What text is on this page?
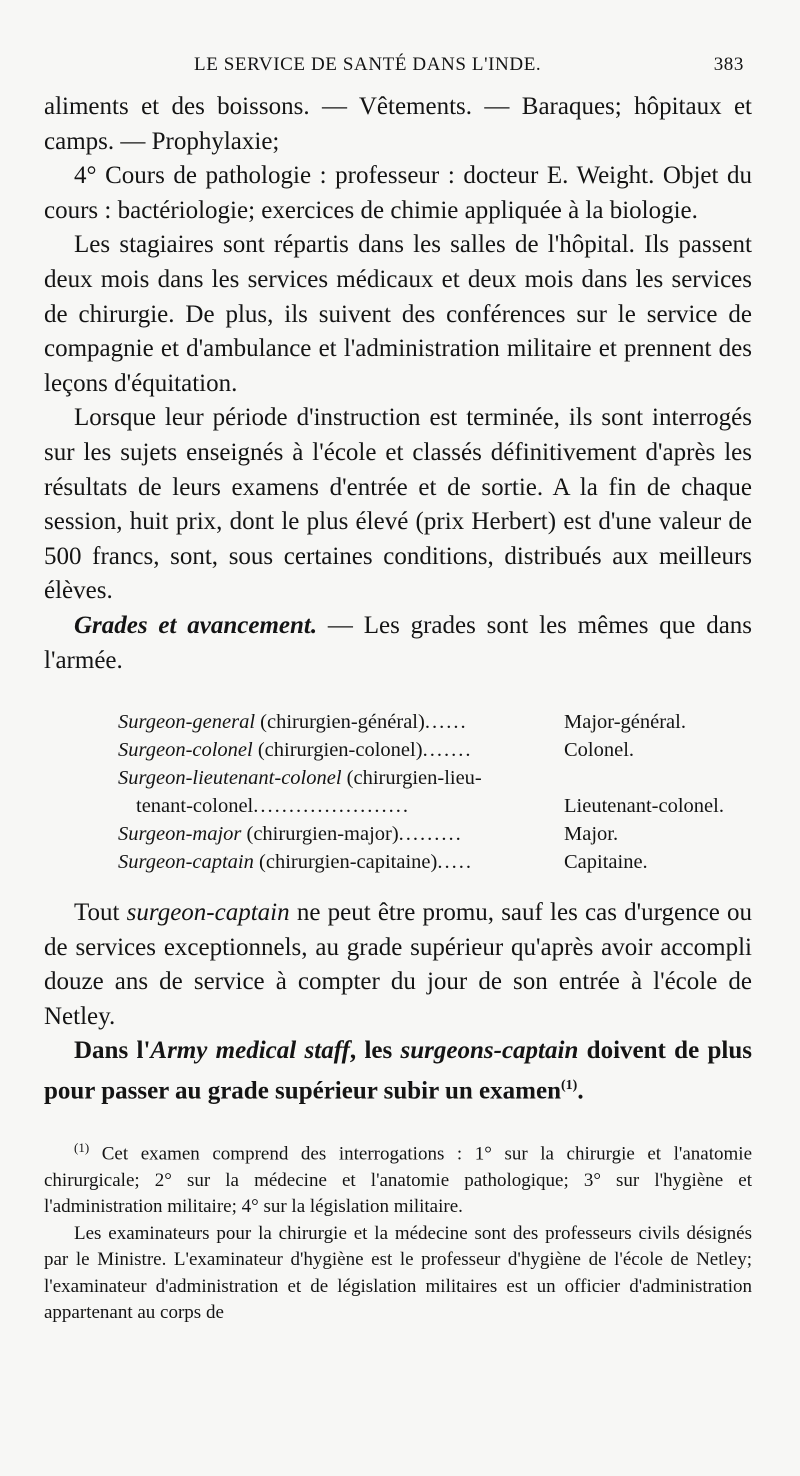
LE SERVICE DE SANTÉ DANS L'INDE.	383

aliments et des boissons. — Vêtements. — Baraques; hôpitaux et camps. — Prophylaxie;

4° Cours de pathologie : professeur : docteur E. Weight. Objet du cours : bactériologie; exercices de chimie appliquée à la biologie.

Les stagiaires sont répartis dans les salles de l'hôpital. Ils passent deux mois dans les services médicaux et deux mois dans les services de chirurgie. De plus, ils suivent des conférences sur le service de compagnie et d'ambulance et l'administration militaire et prennent des leçons d'équitation.

Lorsque leur période d'instruction est terminée, ils sont interrogés sur les sujets enseignés à l'école et classés définitivement d'après les résultats de leurs examens d'entrée et de sortie. A la fin de chaque session, huit prix, dont le plus élevé (prix Herbert) est d'une valeur de 500 francs, sont, sous certaines conditions, distribués aux meilleurs élèves.

Grades et avancement. — Les grades sont les mêmes que dans l'armée.

Surgeon-general (chirurgien-général)......	Major-général.
Surgeon-colonel (chirurgien-colonel).......	Colonel.
Surgeon-lieutenant-colonel (chirurgien-lieu-
tenant-colonel......................	Lieutenant-colonel.
Surgeon-major (chirurgien-major).........	Major.
Surgeon-captain (chirurgien-capitaine).....	Capitaine.

Tout surgeon-captain ne peut être promu, sauf les cas d'urgence ou de services exceptionnels, au grade supérieur qu'après avoir accompli douze ans de service à compter du jour de son entrée à l'école de Netley.

Dans l'Army medical staff, les surgeons-captain doivent de plus pour passer au grade supérieur subir un examen$^{(1)}$.

$^{(1)}$ Cet examen comprend des interrogations : 1° sur la chirurgie et l'anatomie chirurgicale; 2° sur la médecine et l'anatomie pathologique; 3° sur l'hygiène et l'administration militaire; 4° sur la législation militaire.

Les examinateurs pour la chirurgie et la médecine sont des professeurs civils désignés par le Ministre. L'examinateur d'hygiène est le professeur d'hygiène de l'école de Netley; l'examinateur d'administration et de législation militaires est un officier d'administration appartenant au corps de
